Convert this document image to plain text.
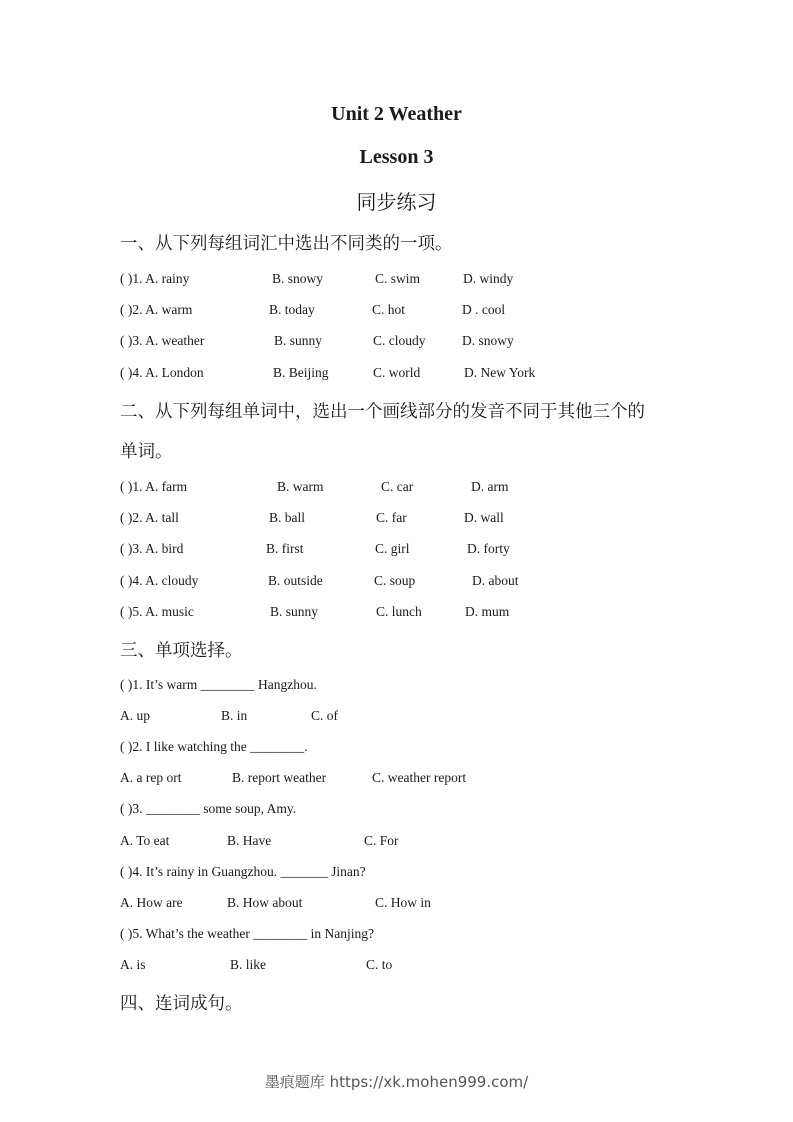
Unit 2 Weather
Lesson 3
同步练习
一、从下列每组词汇中选出不同类的一项。
( )1. A. rainy	B. snowy	C. swim	D. windy
( )2. A. warm	B. today	C. hot	D . cool
( )3. A. weather	B. sunny	C. cloudy	D. snowy
( )4. A. London	B. Beijing	C. world	D. New York
二、从下列每组单词中，选出一个画线部分的发音不同于其他三个的
单词。
( )1. A. farm	B. warm	C. car	D. arm
( )2. A. tall	B. ball	C. far	D. wall
( )3. A. bird	B. first	C. girl	D. forty
( )4. A. cloudy	B. outside	C. soup	D. about
( )5. A. music	B. sunny	C. lunch	D. mum
三、单项选择。
( )1. It’s warm ________ Hangzhou.
A. up	B. in	C. of
( )2. I like watching the ________.
A. a rep ort	B. report weather	C. weather report
( )3. ________ some soup, Amy.
A. To eat	B. Have	C. For
( )4. It’s rainy in Guangzhou. _______ Jinan?
A. How are	B. How about	C. How in
( )5. What’s the weather ________ in Nanjing?
A. is	B. like	C. to
四、连词成句。
墨痕题库 https://xk.mohen999.com/
